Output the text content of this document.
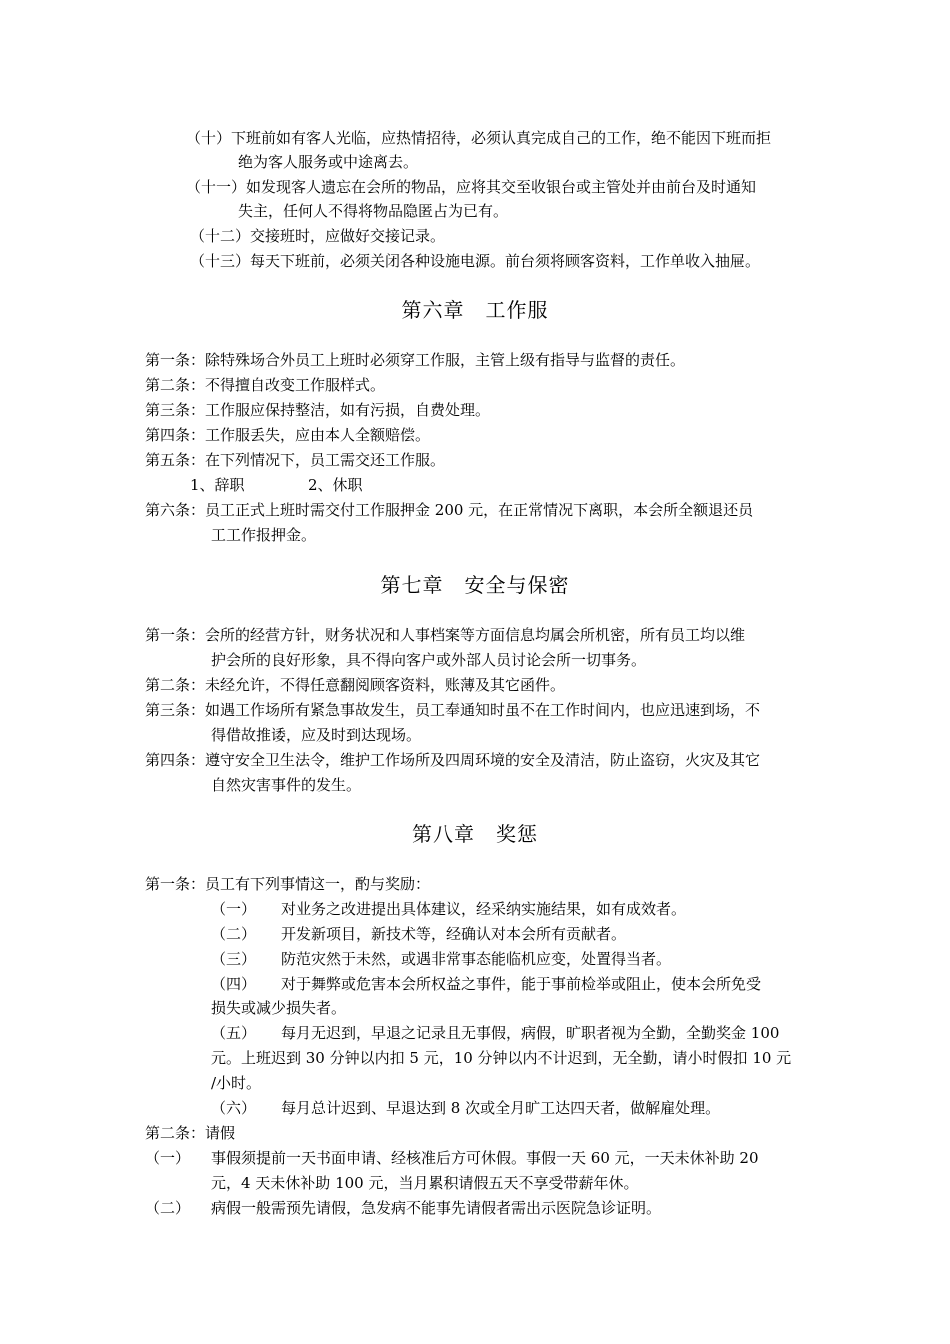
（十）下班前如有客人光临，应热情招待，必须认真完成自己的工作，绝不能因下班而拒
绝为客人服务或中途离去。
（十一）如发现客人遗忘在会所的物品，应将其交至收银台或主管处并由前台及时通知
失主，任何人不得将物品隐匿占为已有。
（十二）交接班时，应做好交接记录。
（十三）每天下班前，必须关闭各种设施电源。前台须将顾客资料，工作单收入抽屉。
第六章　工作服
第一条：除特殊场合外员工上班时必须穿工作服，主管上级有指导与监督的责任。
第二条：不得擅自改变工作服样式。
第三条：工作服应保持整洁，如有污损，自费处理。
第四条：工作服丢失，应由本人全额赔偿。
第五条：在下列情况下，员工需交还工作服。
1、辞职	2、休职
第六条：员工正式上班时需交付工作服押金 200 元，在正常情况下离职，本会所全额退还员
工工作报押金。
第七章　安全与保密
第一条：会所的经营方针，财务状况和人事档案等方面信息均属会所机密，所有员工均以维
护会所的良好形象，具不得向客户或外部人员讨论会所一切事务。
第二条：未经允许，不得任意翻阅顾客资料，账薄及其它函件。
第三条：如遇工作场所有紧急事故发生，员工奉通知时虽不在工作时间内，也应迅速到场，不
得借故推诿，应及时到达现场。
第四条：遵守安全卫生法令，维护工作场所及四周环境的安全及清洁，防止盗窃，火灾及其它
自然灾害事件的发生。
第八章　奖惩
第一条：员工有下列事情这一，酌与奖励：
（一） 对业务之改进提出具体建议，经采纳实施结果，如有成效者。
（二） 开发新项目，新技术等，经确认对本会所有贡献者。
（三） 防范灾然于未然，或遇非常事态能临机应变，处置得当者。
（四） 对于舞弊或危害本会所权益之事件，能于事前检举或阻止，使本会所免受
损失或减少损失者。
（五） 每月无迟到，早退之记录且无事假，病假，旷职者视为全勤，全勤奖金 100
元。上班迟到 30 分钟以内扣 5 元，10 分钟以内不计迟到，无全勤，请小时假扣 10 元
/小时。
（六） 每月总计迟到、早退达到 8 次或全月旷工达四天者，做解雇处理。
第二条：请假
（一） 事假须提前一天书面申请、经核准后方可休假。事假一天 60 元，一天未休补助 20
元，4 天未休补助 100 元，当月累积请假五天不享受带薪年休。
（二） 病假一般需预先请假，急发病不能事先请假者需出示医院急诊证明。
